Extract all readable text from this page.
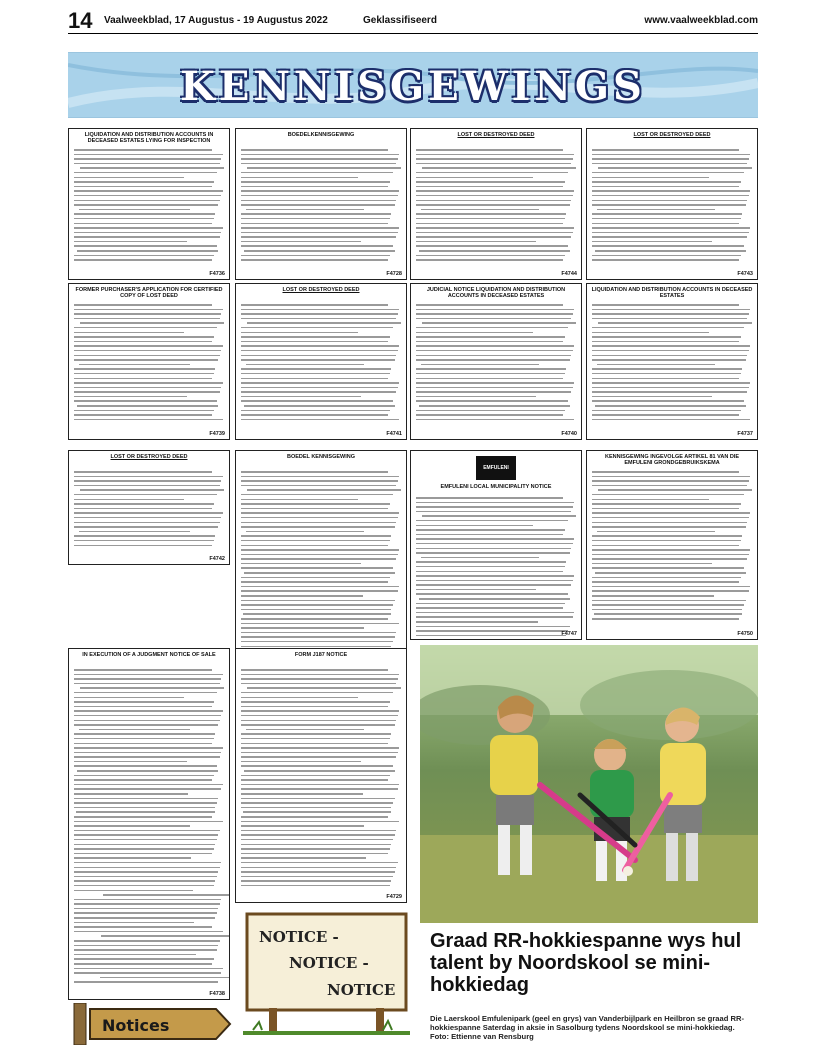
14 Vaalweekblad, 17 Augustus - 19 Augustus 2022	Geklassifiseerd	www.vaalweekblad.com
KENNISGEWINGS
LIQUIDATION AND DISTRIBUTION ACCOUNTS IN DECEASED ESTATES LYING FOR INSPECTION
F4736
BOEDELKENNISGEWING
F4728
LOST OR DESTROYED DEED
F4744
LOST OR DESTROYED DEED
F4743
FORMER PURCHASER'S APPLICATION FOR CERTIFIED COPY OF LOST DEED
F4739
LOST OR DESTROYED DEED
F4741
JUDICIAL NOTICE LIQUIDATION AND DISTRIBUTION ACCOUNTS IN DECEASED ESTATES
F4740
LIQUIDATION AND DISTRIBUTION ACCOUNTS IN DECEASED ESTATES
F4737
LOST OR DESTROYED DEED
F4742
BOEDEL KENNISGEWING
EMFULENI
EMFULENI LOCAL MUNICIPALITY NOTICE
F4747
KENNISGEWING INGEVOLGE ARTIKEL 81 VAN DIE EMFULENI GRONDGEBRUIKSKEMA
F4750
IN EXECUTION OF A JUDGMENT NOTICE OF SALE
F4738
FORM J187 NOTICE
F4729
NOTICE -
NOTICE -
NOTICE
Notices
Graad RR-hokkiespanne wys hul talent by Noordskool se mini-hokkiedag
Die Laerskool Emfulenipark (geel en grys) van Vanderbijlpark en Heilbron se graad RR-hokkiespanne Saterdag in aksie in Sasolburg tydens Noordskool se mini-hokkiedag. Foto: Ettienne van Rensburg
